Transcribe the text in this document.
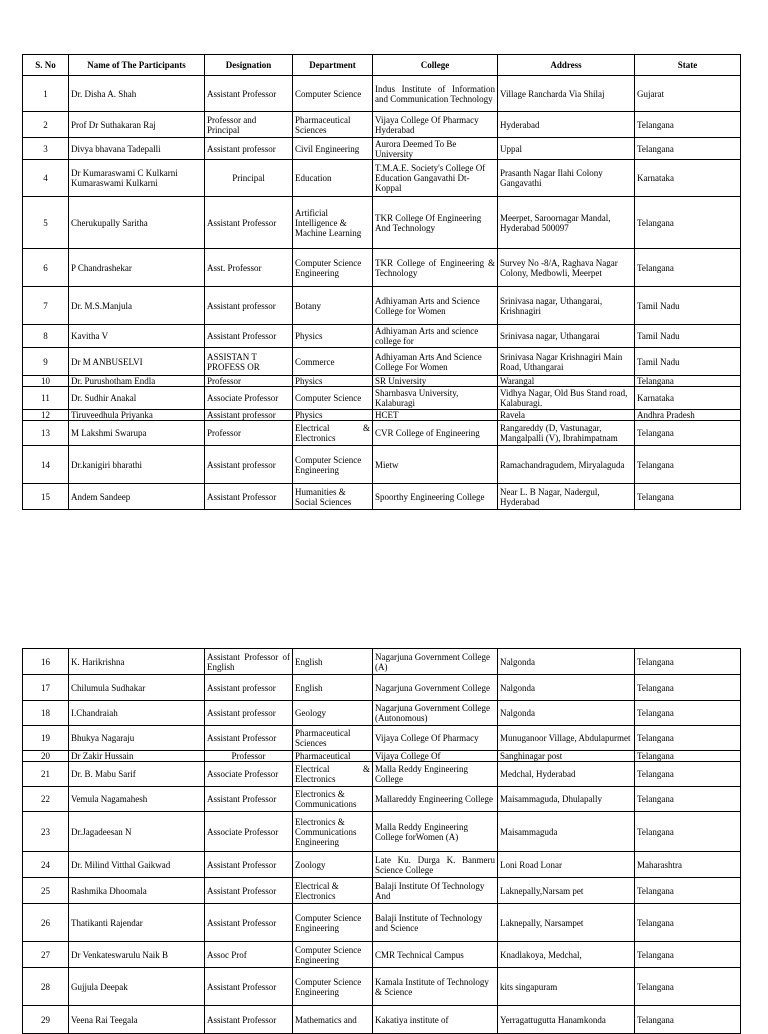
S. No	Name of The Participants	Designation	Department	College	Address	State
1	Dr. Disha A. Shah	Assistant Professor	Computer Science	Indus Institute of Information and Communication Technology	Village Rancharda Via Shilaj	Gujarat
2	Prof Dr Suthakaran Raj	Professor and Principal	Pharmaceutical Sciences	Vijaya College Of Pharmacy Hyderabad	Hyderabad	Telangana
3	Divya bhavana Tadepalli	Assistant professor	Civil Engineering	Aurora Deemed To Be University	Uppal	Telangana
4	Dr Kumaraswami C Kulkarni Kumaraswami Kulkarni	Principal	Education	T.M.A.E. Society's College Of Education Gangavathi Dt- Koppal	Prasanth Nagar Ilahi Colony Gangavathi	Karnataka
5	Cherukupally Saritha	Assistant Professor	Artificial Intelligence & Machine Learning	TKR College Of Engineering And Technology	Meerpet, Saroornagar Mandal, Hyderabad 500097	Telangana
6	P Chandrashekar	Asst. Professor	Computer Science Engineering	TKR College of Engineering & Technology	Survey No -8/A, Raghava Nagar Colony, Medbowli, Meerpet	Telangana
7	Dr. M.S.Manjula	Assistant professor	Botany	Adhiyaman Arts and Science College for Women	Srinivasa nagar, Uthangarai, Krishnagiri	Tamil Nadu
8	Kavitha V	Assistant Professor	Physics	Adhiyaman Arts and science college for	Srinivasa nagar, Uthangarai	Tamil Nadu
9	Dr M ANBUSELVI	ASSISTAN T PROFESS OR	Commerce	Adhiyaman Arts And Science College For Women	Srinivasa Nagar Krishnagiri Main Road, Uthangarai	Tamil Nadu
10	Dr. Purushotham Endla	Professor	Physics	SR University	Warangal	Telangana
11	Dr. Sudhir Anakal	Associate Professor	Computer Science	Sharnbasva University, Kalaburagi	Vidhya Nagar, Old Bus Stand road, Kalaburagi.	Karnataka
12	Tiruveedhula Priyanka	Assistant professor	Physics	HCET	Ravela	Andhra Pradesh
13	M Lakshmi Swarupa	Professor	Electrical & Electronics	CVR College of Engineering	Rangareddy (D, Vastunagar, Mangalpalli (V), Ibrahimpatnam	Telangana
14	Dr.kanigiri bharathi	Assistant professor	Computer Science Engineering	Mietw	Ramachandragudem, Miryalaguda	Telangana
15	Andem Sandeep	Assistant Professor	Humanities & Social Sciences	Spoorthy Engineering College	Near L. B Nagar, Nadergul, Hyderabad	Telangana
16	K. Harikrishna	Assistant Professor of English	English	Nagarjuna Government College (A)	Nalgonda	Telangana
17	Chilumula Sudhakar	Assistant professor	English	Nagarjuna Government College	Nalgonda	Telangana
18	I.Chandraiah	Assistant professor	Geology	Nagarjuna Government College (Autonomous)	Nalgonda	Telangana
19	Bhukya Nagaraju	Assistant Professor	Pharmaceutical Sciences	Vijaya College Of Pharmacy	Munuganoor Village, Abdulapurmet	Telangana
20	Dr Zakir Hussain	Professor	Pharmaceutical	Vijaya College Of	Sanghinagar post	Telangana
21	Dr. B. Mabu Sarif	Associate Professor	Electrical & Electronics	Malla Reddy Engineering College	Medchal, Hyderabad	Telangana
22	Vemula Nagamahesh	Assistant Professor	Electronics & Communications	Mallareddy Engineering College	Maisammaguda, Dhulapally	Telangana
23	Dr.Jagadeesan N	Associate Professor	Electronics & Communications Engineering	Malla Reddy Engineering College forWomen (A)	Maisammaguda	Telangana
24	Dr. Milind Vitthal Gaikwad	Assistant Professor	Zoology	Late Ku. Durga K. Banmeru Science College	Loni Road Lonar	Maharashtra
25	Rashmika Dhoomala	Assistant Professor	Electrical & Electronics	Balaji Institute Of Technology And	Laknepally,Narsam pet	Telangana
26	Thatikanti Rajendar	Assistant Professor	Computer Science Engineering	Balaji Institute of Technology and Science	Laknepally, Narsampet	Telangana
27	Dr Venkateswarulu Naik B	Assoc Prof	Computer Science Engineering	CMR Technical Campus	Knadlakoya, Medchal,	Telangana
28	Gujjula Deepak	Assistant Professor	Computer Science Engineering	Kamala Institute of Technology & Science	kits singapuram	Telangana
29	Veena Rai Teegala	Assistant Professor	Mathematics and	Kakatiya institute of	Yerragattugutta Hanamkonda	Telangana
